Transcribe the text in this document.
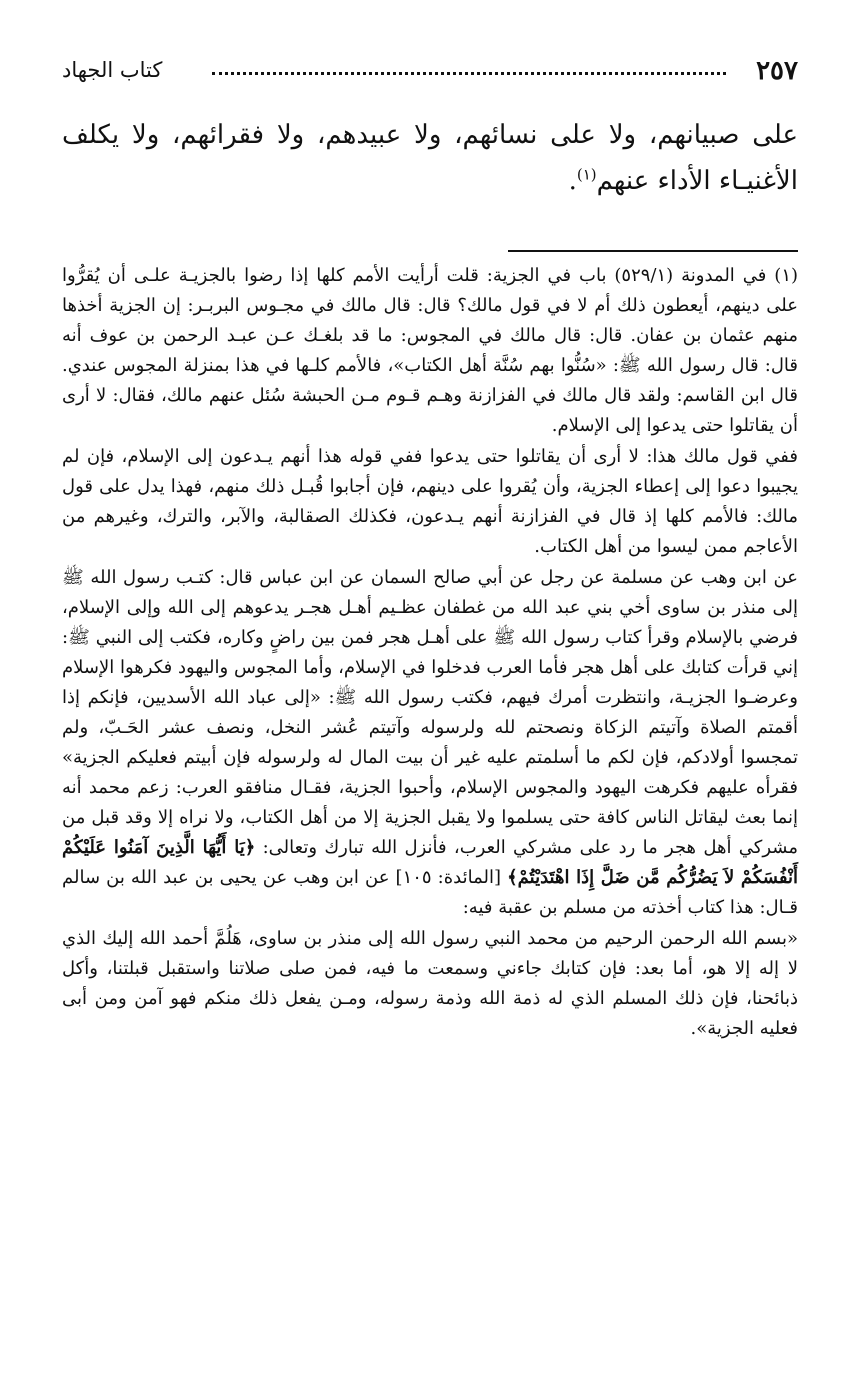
٢٥٧
كتاب الجهاد
على صبيانهم، ولا على نسائهم، ولا عبيدهم، ولا فقرائهم، ولا يكلف الأغنيـاء الأداء عنهم$^{(١)}$.

(١) في المدونة (٥٢٩/١) باب في الجزية: قلت أرأيت الأمم كلها إذا رضوا بالجزيـة علـى أن يُقرُّوا على دينهم، أيعطون ذلك أم لا في قول مالك؟ قال: قال مالك في مجـوس البربـر: إن الجزية أخذها منهم عثمان بن عفان. قال: قال مالك في المجوس: ما قد بلغـك عـن عبـد الرحمن بن عوف أنه قال: قال رسول الله ﷺ: «سُنُّوا بهم سُنَّة أهل الكتاب»، فالأمم كلـها في هذا بمنزلة المجوس عندي. قال ابن القاسم: ولقد قال مالك في الفزازنة وهـم قـوم مـن الحبشة سُئل عنهم مالك، فقال: لا أرى أن يقاتلوا حتى يدعوا إلى الإسلام.

ففي قول مالك هذا: لا أرى أن يقاتلوا حتى يدعوا ففي قوله هذا أنهم يـدعون إلى الإسلام، فإن لم يجيبوا دعوا إلى إعطاء الجزية، وأن يُقروا على دينهم، فإن أجابوا قُبـل ذلك منهم، فهذا يدل على قول مالك: فالأمم كلها إذ قال في الفزازنة أنهم يـدعون، فكذلك الصقالبة، والآبر، والترك، وغيرهم من الأعاجم ممن ليسوا من أهل الكتاب.

عن ابن وهب عن مسلمة عن رجل عن أبي صالح السمان عن ابن عباس قال: كتـب رسول الله ﷺ إلى منذر بن ساوى أخي بني عبد الله من غطفان عظـيم أهـل هجـر يدعوهم إلى الله وإلى الإسلام، فرضي بالإسلام وقرأ كتاب رسول الله ﷺ على أهـل هجر فمن بين راضٍ وكاره، فكتب إلى النبي ﷺ: إني قرأت كتابك على أهل هجر فأما العرب فدخلوا في الإسلام، وأما المجوس واليهود فكرهوا الإسلام وعرضـوا الجزيـة، وانتظرت أمرك فيهم، فكتب رسول الله ﷺ: «إلى عباد الله الأسديين، فإنكم إذا أقمتم الصلاة وآتيتم الزكاة ونصحتم لله ولرسوله وآتيتم عُشر النخل، ونصف عشر الحَـبّ، ولم تمجسوا أولادكم، فإن لكم ما أسلمتم عليه غير أن بيت المال له ولرسوله فإن أبيتم فعليكم الجزية» فقرأه عليهم فكرهت اليهود والمجوس الإسلام، وأحبوا الجزية، فقـال منافقو العرب: زعم محمد أنه إنما بعث ليقاتل الناس كافة حتى يسلموا ولا يقبل الجزية إلا من أهل الكتاب، ولا نراه إلا وقد قبل من مشركي أهل هجر ما رد على مشركي العرب، فأنزل الله تبارك وتعالى: ﴿يَا أَيُّهَا الَّذِينَ آمَنُوا عَلَيْكُمْ أَنْفُسَكُمْ لاَ يَضُرُّكُم مَّن ضَلَّ إِذَا اهْتَدَيْتُمْ﴾ [المائدة: ١٠٥] عن ابن وهب عن يحيى بن عبد الله بن سالم قـال: هذا كتاب أخذته من مسلم بن عقبة فيه:

«بسم الله الرحمن الرحيم من محمد النبي رسول الله إلى منذر بن ساوى، هَلُمَّ أحمد الله إليك الذي لا إله إلا هو، أما بعد: فإن كتابك جاءني وسمعت ما فيه، فمن صلى صلاتنا واستقبل قبلتنا، وأكل ذبائحنا، فإن ذلك المسلم الذي له ذمة الله وذمة رسوله، ومـن يفعل ذلك منكم فهو آمن ومن أبى فعليه الجزية».
